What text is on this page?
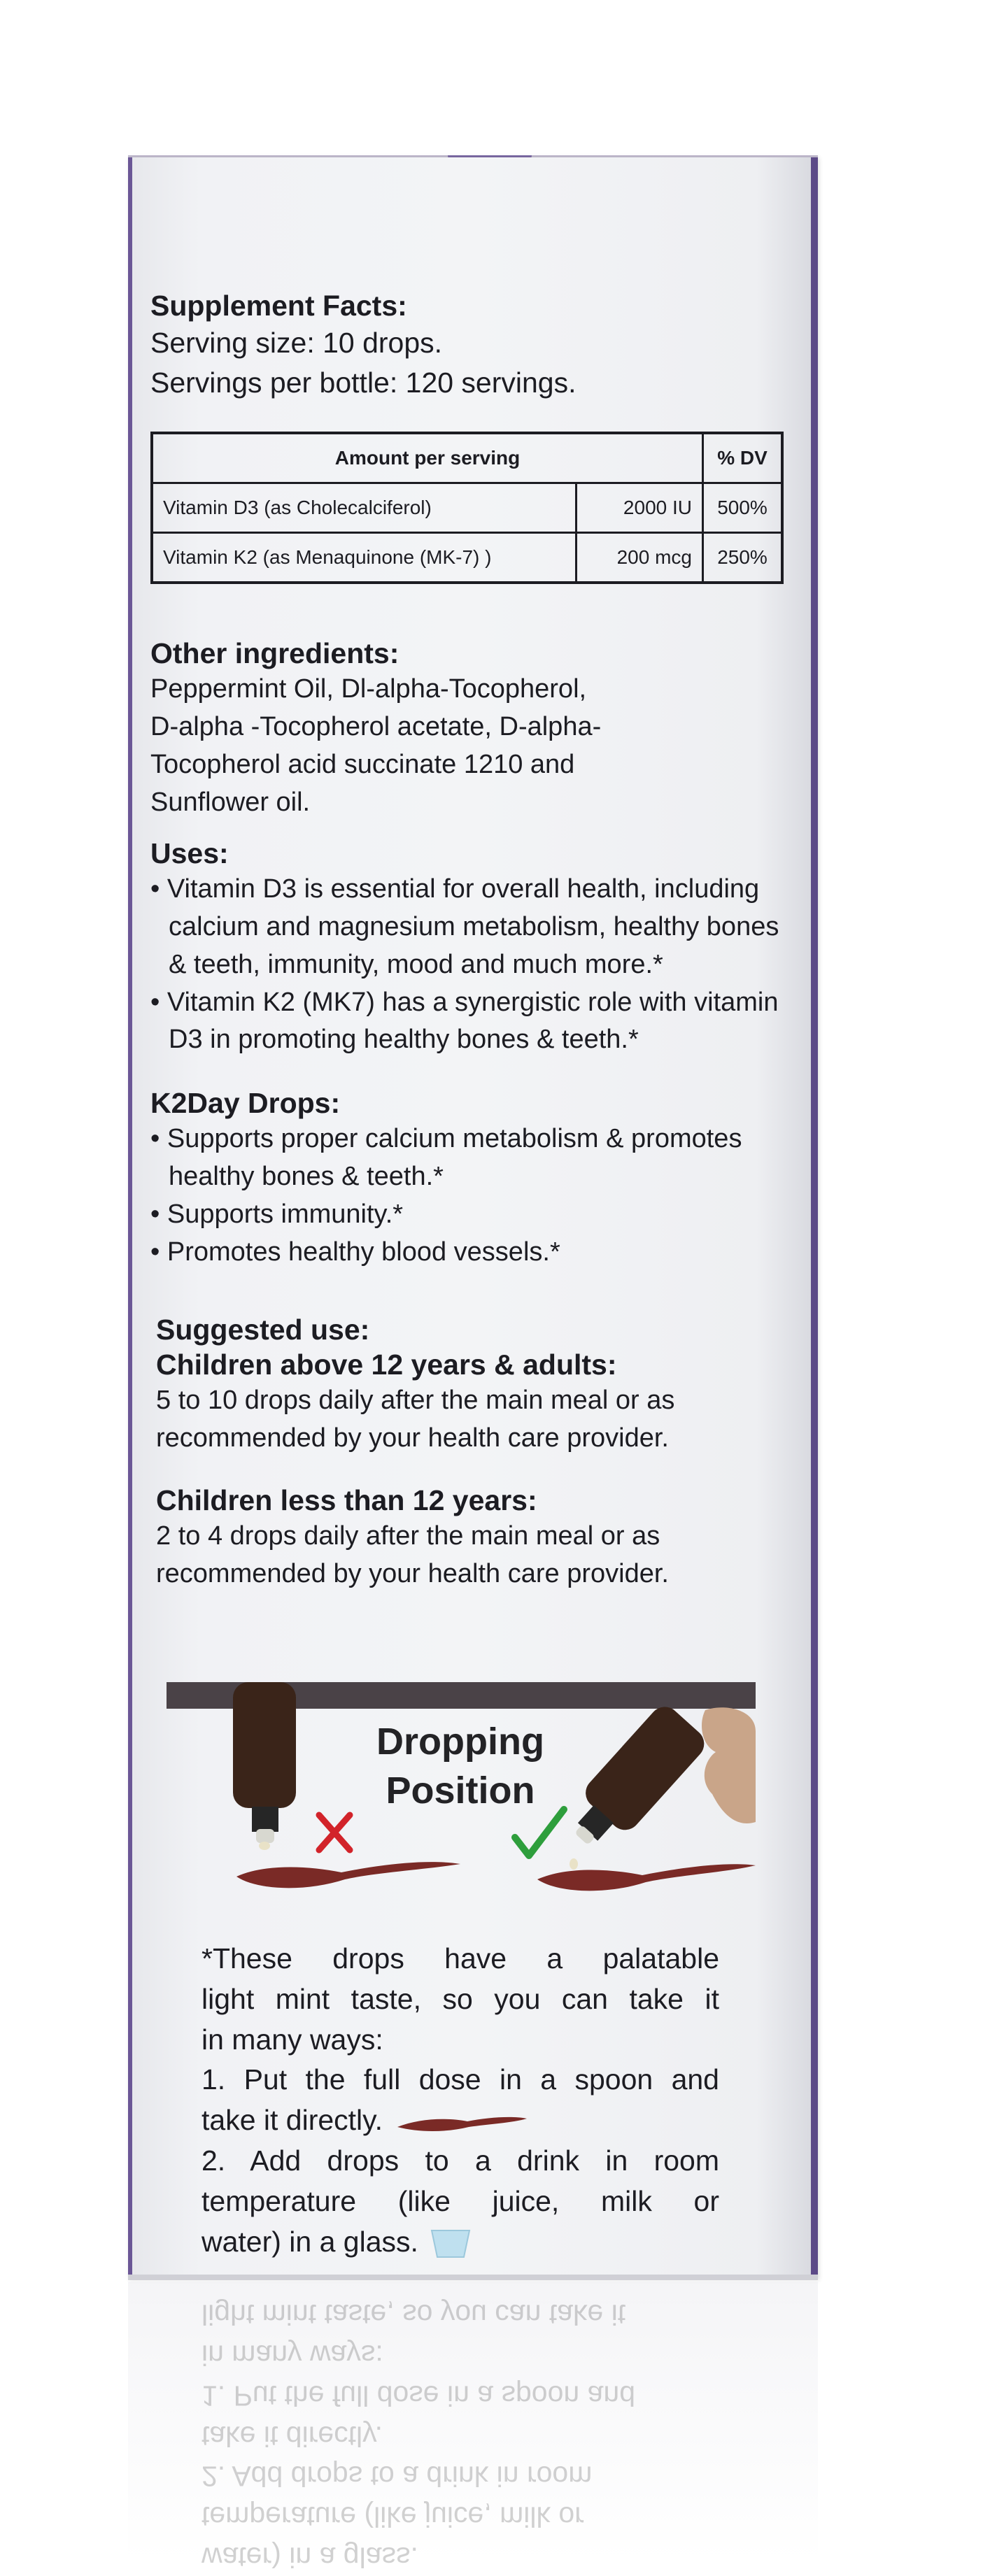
Supplement Facts:

Serving size: 10 drops.

Servings per bottle: 120 servings.

Amount per serving		% DV
Vitamin D3 (as Cholecalciferol)	2000 IU	500%
Vitamin K2 (as Menaquinone (MK-7) )	200 mcg	250%
Other ingredients:

Peppermint Oil, Dl-alpha-Tocopherol,

D-alpha -Tocopherol acetate, D-alpha-

Tocopherol acid succinate 1210 and

Sunflower oil.

Uses:
• Vitamin D3 is essential for overall health, including calcium and magnesium metabolism, healthy bones & teeth, immunity, mood and much more.*
• Vitamin K2 (MK7) has a synergistic role with vitamin D3 in promoting healthy bones & teeth.*
K2Day Drops:
• Supports proper calcium metabolism & promotes healthy bones & teeth.*
• Supports immunity.*
• Promotes healthy blood vessels.*
Suggested use:
Children above 12 years & adults:

5 to 10 drops daily after the main meal or as recommended by your health care provider.

Children less than 12 years:

2 to 4 drops daily after the main meal or as recommended by your health care provider.

Dropping
Position

*These drops have a palatable

light mint taste, so you can take it

in many ways:

1. Put the full dose in a spoon and

take it directly.

2. Add drops to a drink in room

temperature (like juice, milk or

water) in a glass.

water) in a glass.

temperature (like juice, milk or

2. Add drops to a drink in room

take it directly.

1. Put the full dose in a spoon and

in many ways:

light mint taste, so you can take it
